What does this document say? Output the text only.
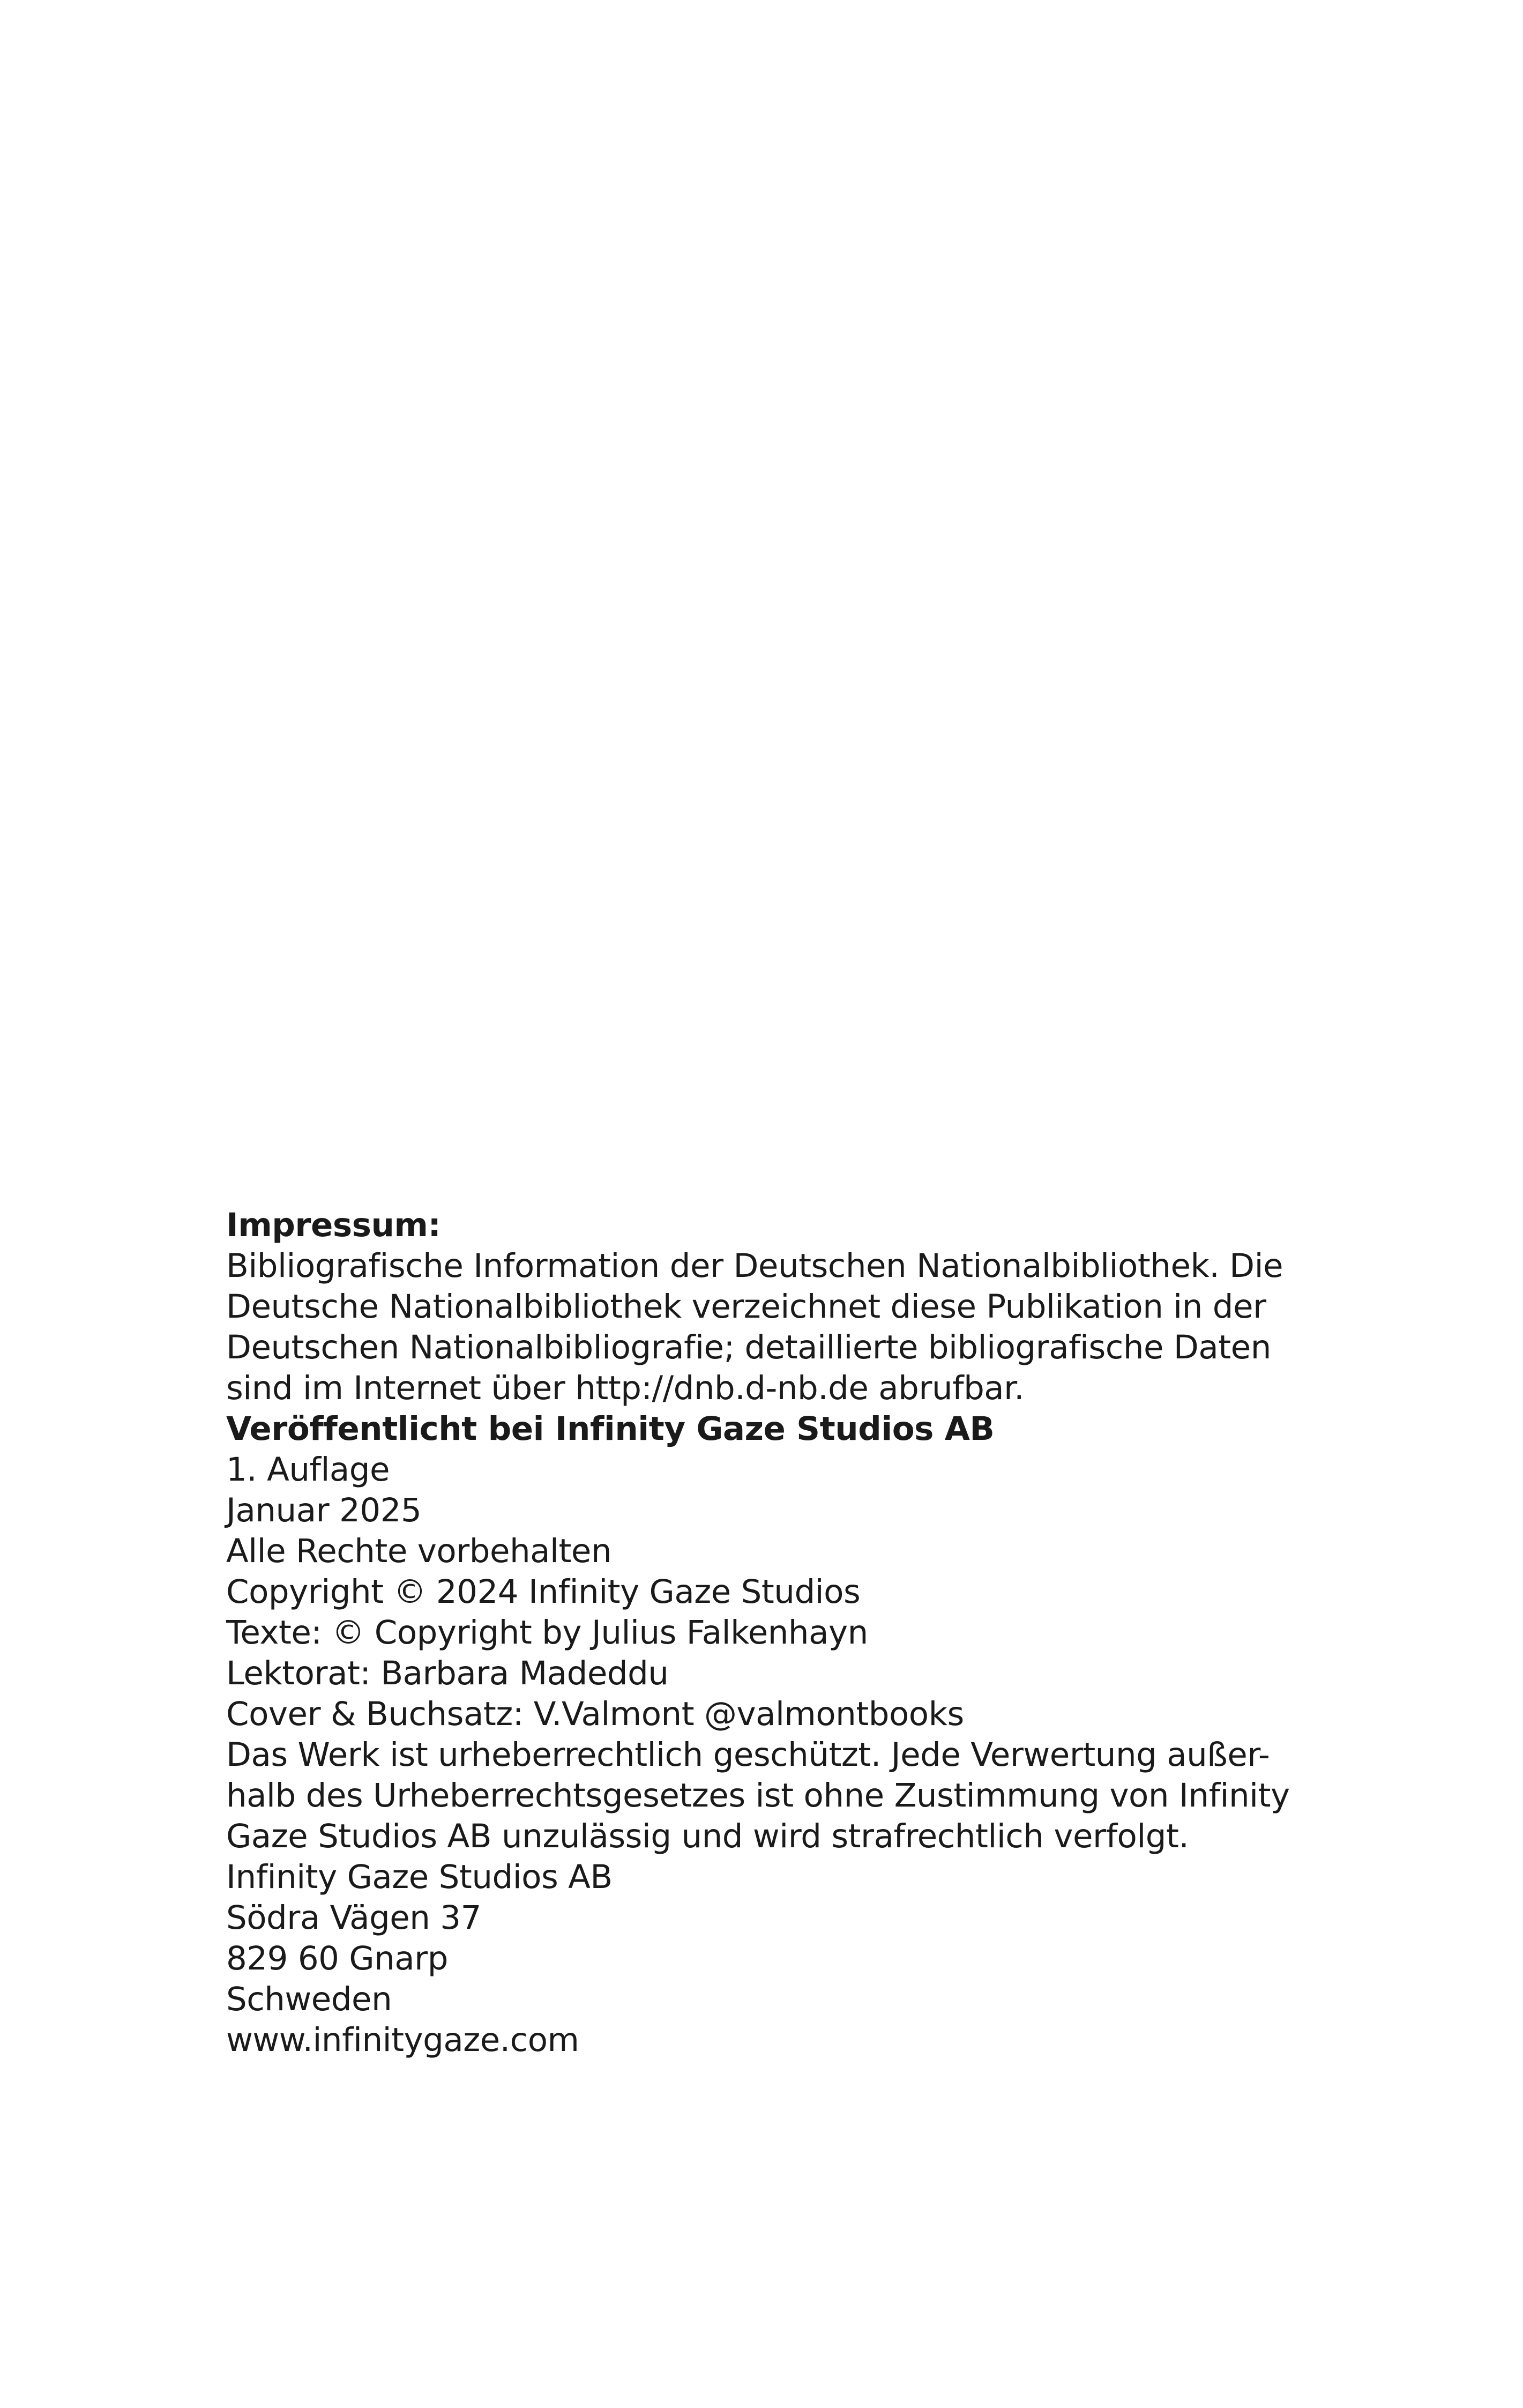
Impressum:
Bibliografische Information der Deutschen Nationalbibliothek. Die
Deutsche Nationalbibliothek verzeichnet diese Publikation in der
Deutschen Nationalbibliografie; detaillierte bibliografische Daten
sind im Internet über http://dnb.d-nb.de abrufbar.
Veröffentlicht bei Infinity Gaze Studios AB
1. Auflage
Januar 2025
Alle Rechte vorbehalten
Copyright © 2024 Infinity Gaze Studios
Texte: © Copyright by Julius Falkenhayn
Lektorat: Barbara Madeddu
Cover & Buchsatz: V.Valmont @valmontbooks
Das Werk ist urheberrechtlich geschützt. Jede Verwertung außer-
halb des Urheberrechtsgesetzes ist ohne Zustimmung von Infinity
Gaze Studios AB unzulässig und wird strafrechtlich verfolgt.
Infinity Gaze Studios AB
Södra Vägen 37
829 60 Gnarp
Schweden
www.infinitygaze.com
